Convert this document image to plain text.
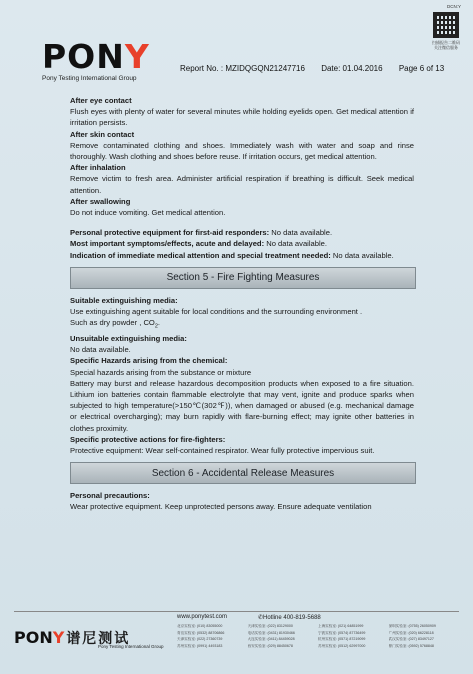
DCN:Y
扫描报告二维码
关注微信服务
PONY
Pony Testing International Group
Report No. : MZIDQGQN21247716 Date: 01.04.2016 Page 6 of 13
After eye contact
Flush eyes with plenty of water for several minutes while holding eyelids open. Get medical attention if irritation persists.
After skin contact
Remove contaminated clothing and shoes. Immediately wash with water and soap and rinse thoroughly. Wash clothing and shoes before reuse. If irritation occurs, get medical attention.
After inhalation
Remove victim to fresh area. Administer artificial respiration if breathing is difficult. Seek medical attention.
After swallowing
Do not induce vomiting. Get medical attention.
Personal protective equipment for first-aid responders: No data available.
Most important symptoms/effects, acute and delayed: No data available.
Indication of immediate medical attention and special treatment needed: No data available.
Section 5 - Fire Fighting Measures
Suitable extinguishing media:
Use extinguishing agent suitable for local conditions and the surrounding environment .
Such as dry powder , $CO_2$.
Unsuitable extinguishing media:
No data available.
Specific Hazards arising from the chemical:
Special hazards arising from the substance or mixture
Battery may burst and release hazardous decomposition products when exposed to a fire situation. Lithium ion batteries contain flammable electrolyte that may vent, ignite and produce sparks when subjected to high temperature(>150℃(302℉)), when damaged or abused (e.g. mechanical damage or electrical overcharging); may burn rapidly with flare-burning effect; may ignite other batteries in clothes proximity.
Specific protective actions for fire-fighters:
Protective equipment: Wear self-contained respirator. Wear fully protective impervious suit.
Section 6 - Accidental Release Measures
Personal precautions:
Wear protective equipment. Keep unprotected persons away. Ensure adequate ventilation
PONY 谱尼测试
Pony Testing International Group
www.ponytest.com	✆Hotline 400-819-5688
北京实验室: (010) 83055000	天津实验室: (022) 83129000	上海实验室: (021) 64851999	深圳实验室: (0755) 26050909
青岛实验室: (0532) 88706866	电话实验室: (0431) 81930466	宁波实验室: (0574) 87736499	广州实验室: (020) 66228118
天津实验室: (022) 27360739	大连实验室: (0411) 84459028	杭州实验室: (0571) 87219099	武汉实验室: (027) 83497127
苏州实验室: (0991) 4493183	西安实验室: (029) 88450678	苏州实验室: (0512) 62997000	厦门实验室: (0592) 5768848
